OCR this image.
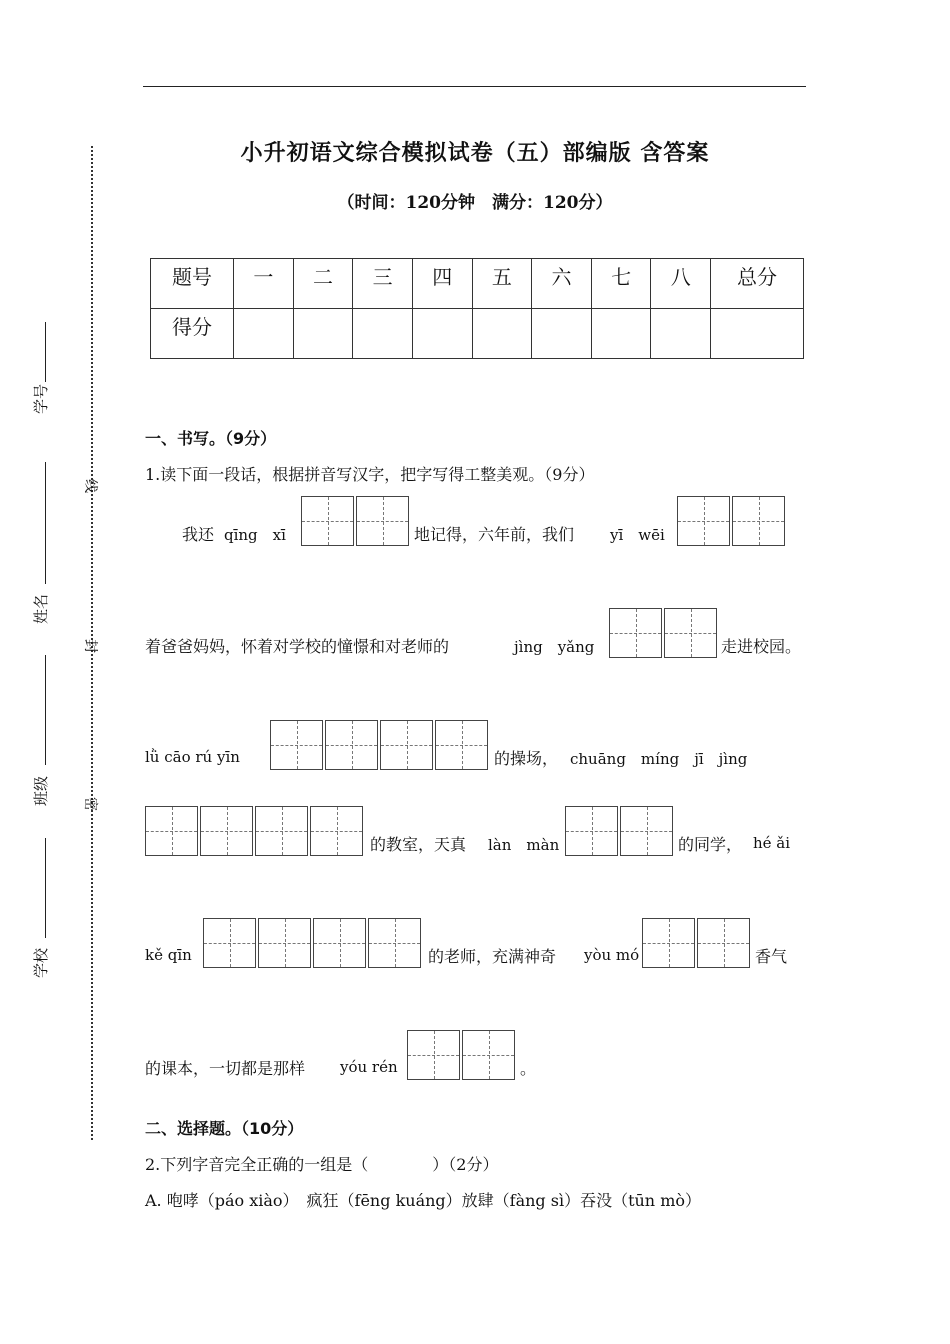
学号
姓名
班级
学校
线
封
密
小升初语文综合模拟试卷（五）部编版 含答案
（时间：120分钟　满分：120分）
题号	一	二	三	四	五	六	七	八	总分
得分									
一、书写。（9分）
1.读下面一段话，根据拼音写汉字，把字写得工整美观。（9分）
我还 qīng　xī	地记得，六年前，我们 yī　wēi
着爸爸妈妈，怀着对学校的憧憬和对老师的	jìng　yǎng	走进校园。
lǜ cāo rú yīn	的操场， chuāng　míng　jī　jìng
的教室，天真 làn　màn	的同学， hé ǎi
kě qīn	的老师，充满神奇 yòu mó	香气
的课本，一切都是那样 yóu rén	。
二、选择题。（10分）
2.下列字音完全正确的一组是（　　　　）（2分）
A. 咆哮（páo xiào）　疯狂（fēng kuáng）放肆（fàng sì）吞没（tūn mò）
